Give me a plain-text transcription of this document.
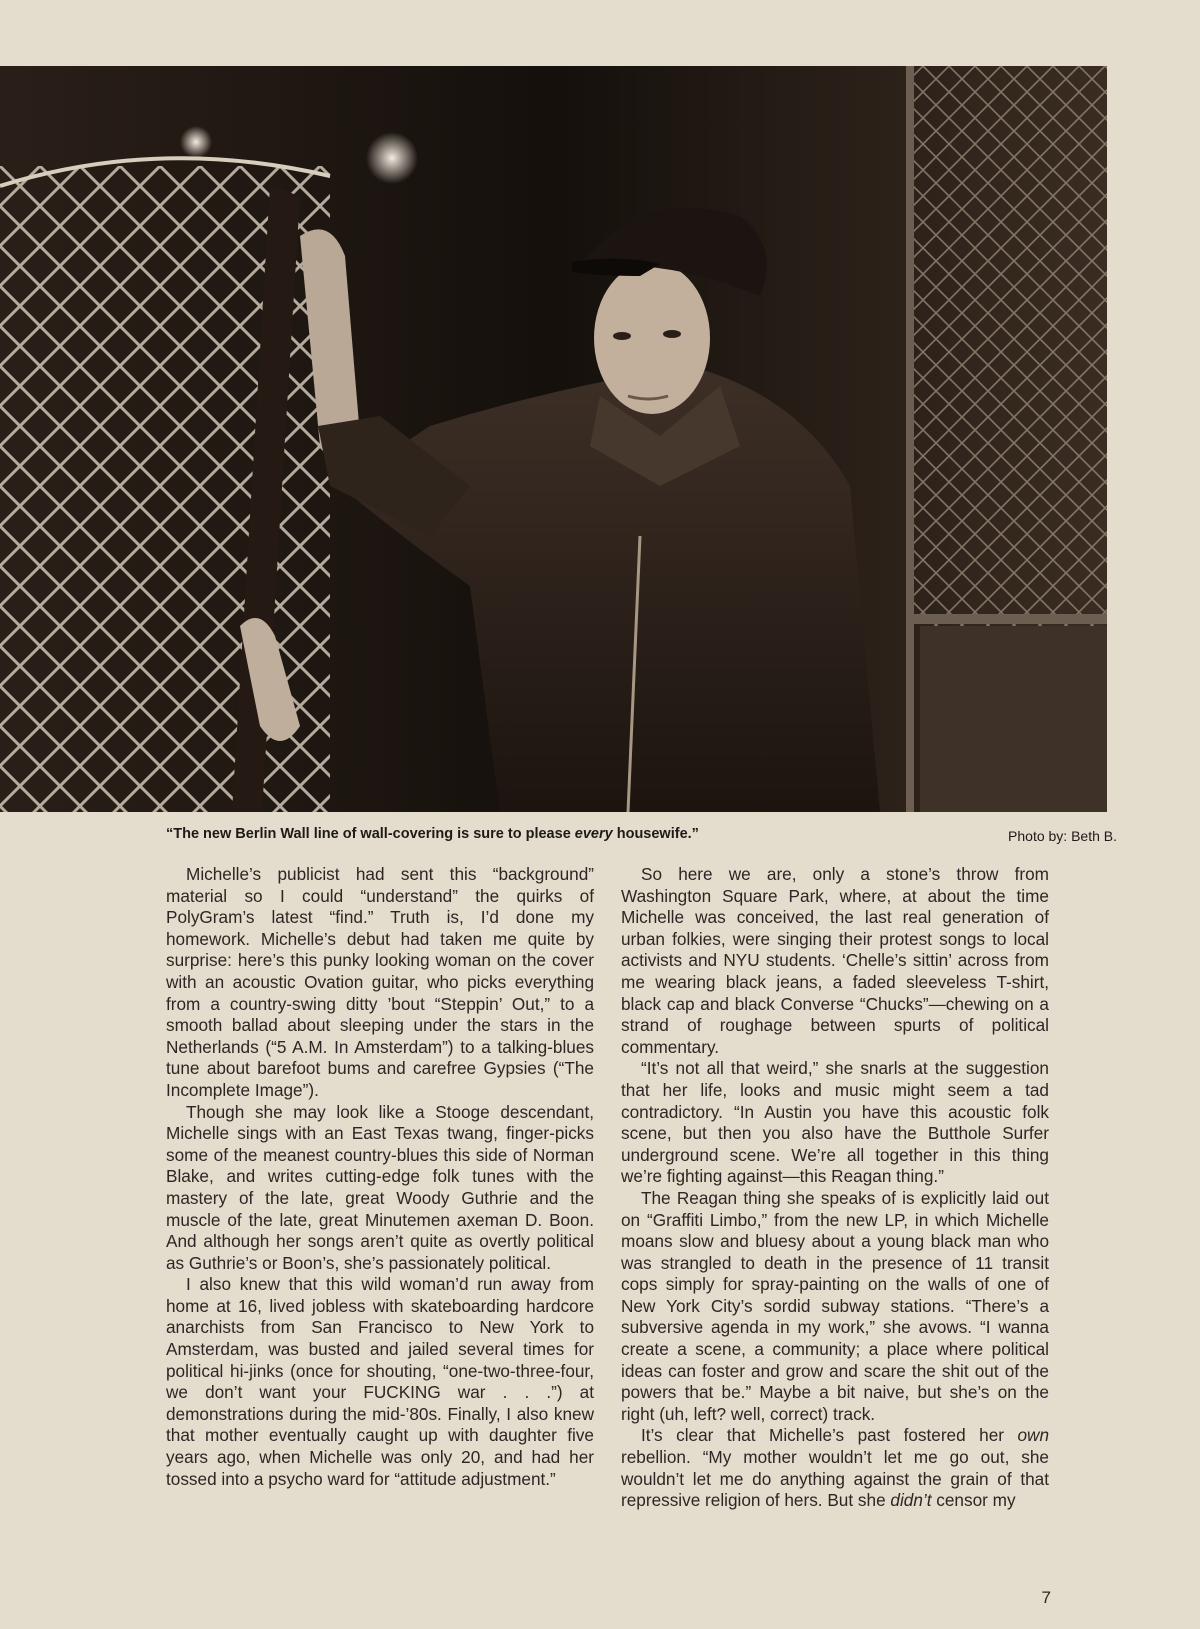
“The new Berlin Wall line of wall-covering is sure to please every housewife.”	Photo by: Beth B.

Michelle’s publicist had sent this “background” material so I could “understand” the quirks of PolyGram’s latest “find.” Truth is, I’d done my homework. Michelle’s debut had taken me quite by surprise: here’s this punky looking woman on the cover with an acoustic Ovation guitar, who picks everything from a country-swing ditty ’bout “Steppin’ Out,” to a smooth ballad about sleeping under the stars in the Netherlands (“5 A.M. In Amsterdam”) to a talking-blues tune about barefoot bums and carefree Gypsies (“The Incomplete Image”).

Though she may look like a Stooge descendant, Michelle sings with an East Texas twang, finger-picks some of the meanest country-blues this side of Norman Blake, and writes cutting-edge folk tunes with the mastery of the late, great Woody Guthrie and the muscle of the late, great Minutemen axeman D. Boon. And although her songs aren’t quite as overtly political as Guthrie’s or Boon’s, she’s passionately political.

I also knew that this wild woman’d run away from home at 16, lived jobless with skateboarding hardcore anarchists from San Francisco to New York to Amsterdam, was busted and jailed several times for political hi-jinks (once for shouting, “one-two-three-four, we don’t want your FUCKING war . . .”) at demonstrations during the mid-’80s. Finally, I also knew that mother eventually caught up with daughter five years ago, when Michelle was only 20, and had her tossed into a psycho ward for “attitude adjustment.”

So here we are, only a stone’s throw from Washington Square Park, where, at about the time Michelle was conceived, the last real generation of urban folkies, were singing their protest songs to local activists and NYU students. ‘Chelle’s sittin’ across from me wearing black jeans, a faded sleeveless T-shirt, black cap and black Converse “Chucks”—chewing on a strand of roughage between spurts of political commentary.

“It’s not all that weird,” she snarls at the suggestion that her life, looks and music might seem a tad contradictory. “In Austin you have this acoustic folk scene, but then you also have the Butthole Surfer underground scene. We’re all together in this thing we’re fighting against—this Reagan thing.”

The Reagan thing she speaks of is explicitly laid out on “Graffiti Limbo,” from the new LP, in which Michelle moans slow and bluesy about a young black man who was strangled to death in the presence of 11 transit cops simply for spray-painting on the walls of one of New York City’s sordid subway stations. “There’s a subversive agenda in my work,” she avows. “I wanna create a scene, a community; a place where political ideas can foster and grow and scare the shit out of the powers that be.” Maybe a bit naive, but she’s on the right (uh, left? well, correct) track.

It’s clear that Michelle’s past fostered her own rebellion. “My mother wouldn’t let me go out, she wouldn’t let me do anything against the grain of that repressive religion of hers. But she didn’t censor my

7
